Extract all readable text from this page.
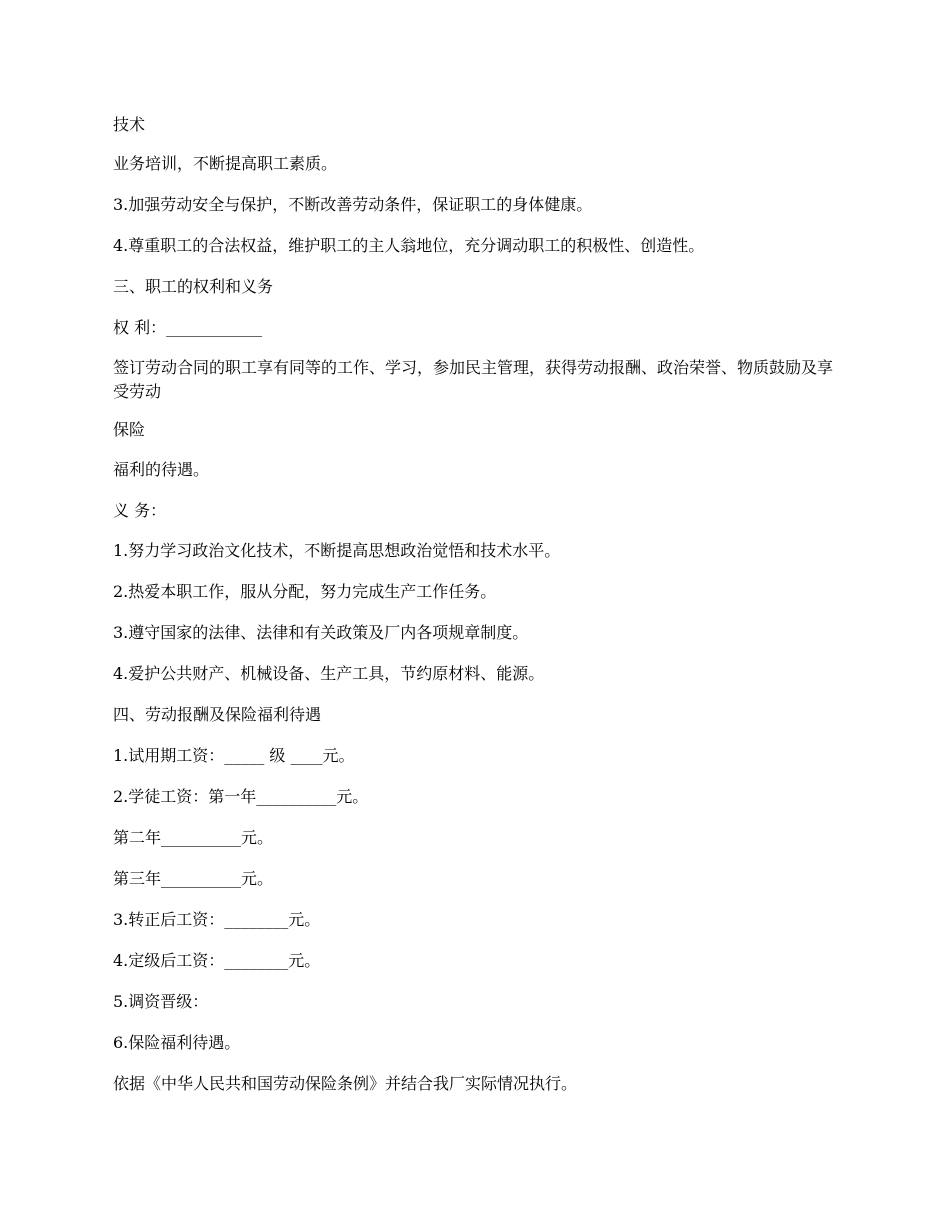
技术
业务培训，不断提高职工素质。
3.加强劳动安全与保护，不断改善劳动条件，保证职工的身体健康。
4.尊重职工的合法权益，维护职工的主人翁地位，充分调动职工的积极性、创造性。
三、职工的权利和义务
权 利：____________
签订劳动合同的职工享有同等的工作、学习，参加民主管理，获得劳动报酬、政治荣誉、物质鼓励及享受劳动
保险
福利的待遇。
义 务：
1.努力学习政治文化技术，不断提高思想政治觉悟和技术水平。
2.热爱本职工作，服从分配，努力完成生产工作任务。
3.遵守国家的法律、法律和有关政策及厂内各项规章制度。
4.爱护公共财产、机械设备、生产工具，节约原材料、能源。
四、劳动报酬及保险福利待遇
1.试用期工资：_____ 级 ____元。
2.学徒工资：第一年__________元。
第二年__________元。
第三年__________元。
3.转正后工资：________元。
4.定级后工资：________元。
5.调资晋级：
6.保险福利待遇。
依据《中华人民共和国劳动保险条例》并结合我厂实际情况执行。
